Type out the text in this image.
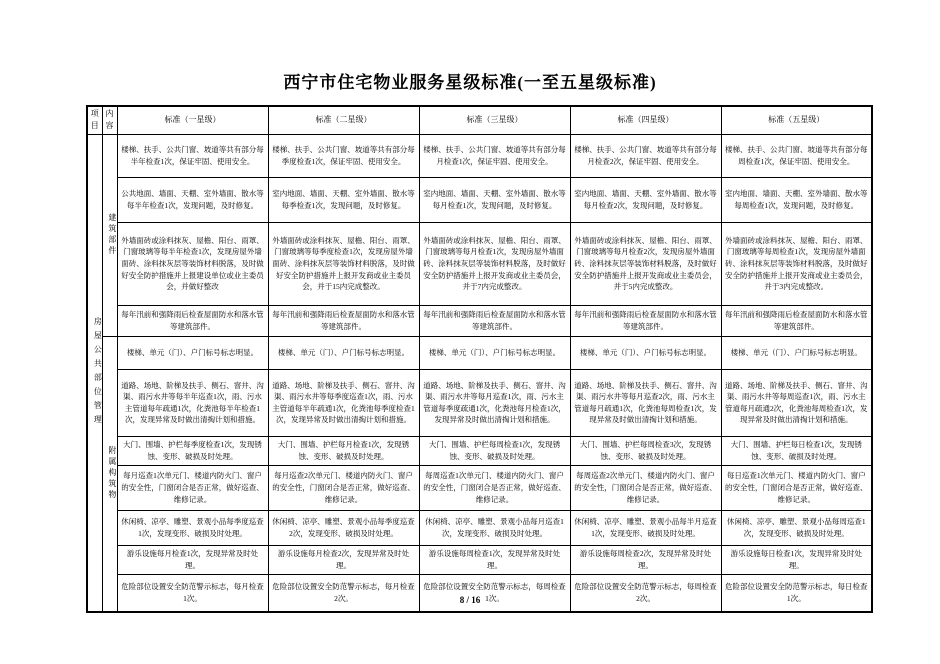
西宁市住宅物业服务星级标准(一至五星级标准)
项目	内容	标准（一星级）	标准（二星级）	标准（三星级）	标准（四星级）	标准（五星级）

房屋公共部位管理	建筑部件	楼梯、扶手、公共门窗、坡道等共有部分每半年检查1次，保证牢固、使用安全。	楼梯、扶手、公共门窗、坡道等共有部分每季度检查1次，保证牢固、使用安全。	楼梯、扶手、公共门窗、坡道等共有部分每月检查1次，保证牢固、使用安全。	楼梯、扶手、公共门窗、坡道等共有部分每月检查2次，保证牢固、使用安全。	楼梯、扶手、公共门窗、坡道等共有部分每周检查1次，保证牢固、使用安全。
		公共地面、墙面、天棚、室外墙面、散水等每半年检查1次，发现问题，及时修复。	室内地面、墙面、天棚、室外墙面、散水等每季检查1次，发现问题，及时修复。	室内地面、墙面、天棚、室外墙面、散水等每月检查1次，发现问题，及时修复。	室内地面、墙面、天棚、室外墙面、散水等每月检查2次，发现问题，及时修复。	室内地面、墙面、天棚、室外墙面、散水等每周检查1次，发现问题，及时修复。
		外墙面砖或涂料抹灰、屋檐、阳台、雨罩、门窗玻璃等每半年检查1次，发现房屋外墙面砖、涂料抹灰层等装饰材料脱落，及时做好安全防护措施并上报建设单位或业主委员会，并做好整改	外墙面砖或涂料抹灰、屋檐、阳台、雨罩、门窗玻璃等每季度检查1次，发现房屋外墙面砖、涂料抹灰层等装饰材料脱落，及时做好安全防护措施并上报开发商或业主委员会，并于15内完成整改。	外墙面砖或涂料抹灰、屋檐、阳台、雨罩、门窗玻璃等每月检查1次，发现房屋外墙面砖、涂料抹灰层等装饰材料脱落，及时做好安全防护措施并上报开发商或业主委员会，并于7内完成整改。	外墙面砖或涂料抹灰、屋檐、阳台、雨罩、门窗玻璃等每月检查2次，发现房屋外墙面砖、涂料抹灰层等装饰材料脱落，及时做好安全防护措施并上报开发商或业主委员会，并于5内完成整改。	外墙面砖或涂料抹灰、屋檐、阳台、雨罩、门窗玻璃等每周检查1次，发现房屋外墙面砖、涂料抹灰层等装饰材料脱落，及时做好安全防护措施并上报开发商或业主委员会，并于3内完成整改。
		每年汛前和强降雨后检查屋面防水和落水管等建筑部件。	每年汛前和强降雨后检查屋面防水和落水管等建筑部件。	每年汛前和强降雨后检查屋面防水和落水管等建筑部件。	每年汛前和强降雨后检查屋面防水和落水管等建筑部件。	每年汛前和强降雨后检查屋面防水和落水管等建筑部件。

	附属构筑物	楼梯、单元（门）、户门标号标志明显。	楼梯、单元（门）、户门标号标志明显。	楼梯、单元（门）、户门标号标志明显。	楼梯、单元（门）、户门标号标志明显。	楼梯、单元（门）、户门标号标志明显。
		道路、场地、阶梯及扶手、侧石、窨井、沟渠、雨污水井等每半年巡查1次，雨、污水主管道每年疏通1次，化粪池每半年检查1次，发现异常及时做出清掏计划和措施。	道路、场地、阶梯及扶手、侧石、窨井、沟渠、雨污水井等每季度巡查1次，雨、污水主管道每半年疏通1次，化粪池每季度检查1次，发现异常及时做出清掏计划和措施。	道路、场地、阶梯及扶手、侧石、窨井、沟渠、雨污水井等每月巡查1次，雨、污水主管道每季度疏通1次，化粪池每月检查1次，发现异常及时做出清掏计划和措施。	道路、场地、阶梯及扶手、侧石、窨井、沟渠、雨污水井等每月巡查2次，雨、污水主管道每月疏通1次，化粪池每周检查1次，发现异常及时做出清掏计划和措施。	道路、场地、阶梯及扶手、侧石、窨井、沟渠、雨污水井等每周巡查1次，雨、污水主管道每月疏通2次，化粪池每周检查1次，发现异常及时做出清掏计划和措施。
		大门、围墙、护栏每季度检查1次，发现锈蚀、变形、破损及时处理。	大门、围墙、护栏每月检查1次，发现锈蚀、变形、破损及时处理。	大门、围墙、护栏每周检查1次，发现锈蚀、变形、破损及时处理。	大门、围墙、护栏每周检查3次，发现锈蚀、变形、破损及时处理。	大门、围墙、护栏每日检查1次，发现锈蚀、变形、破损及时处理。
		每月巡查1次单元门、楼道内防火门、窗户的安全性，门窗闭合是否正常，做好巡查、维修记录。	每月巡查2次单元门、楼道内防火门、窗户的安全性，门窗闭合是否正常，做好巡查、维修记录。	每周巡查1次单元门、楼道内防火门、窗户的安全性，门窗闭合是否正常，做好巡查、维修记录。	每周巡查2次单元门、楼道内防火门、窗户的安全性，门窗闭合是否正常，做好巡查、维修记录。	每日巡查1次单元门、楼道内防火门、窗户的安全性，门窗闭合是否正常，做好巡查、维修记录。
		休闲椅、凉亭、雕塑、景观小品每季度巡查1次，发现变形、破损及时处理。	休闲椅、凉亭、雕塑、景观小品每季度巡查2次，发现变形、破损及时处理。	休闲椅、凉亭、雕塑、景观小品每月巡查1次，发现变形、破损及时处理。	休闲椅、凉亭、雕塑、景观小品每半月巡查1次，发现变形、破损及时处理。	休闲椅、凉亭、雕塑、景观小品每周巡查1次，发现变形、破损及时处理。
		游乐设施每月检查1次，发现异常及时处理。	游乐设施每月检查2次，发现异常及时处理。	游乐设施每周检查1次，发现异常及时处理。	游乐设施每周检查2次，发现异常及时处理。	游乐设施每日检查1次，发现异常及时处理。
		危险部位设置安全防范警示标志，每月检查1次。	危险部位设置安全防范警示标志，每月检查2次。	危险部位设置安全防范警示标志，每周检查1次。	危险部位设置安全防范警示标志，每周检查2次。	危险部位设置安全防范警示标志，每日检查1次。
8 / 16
